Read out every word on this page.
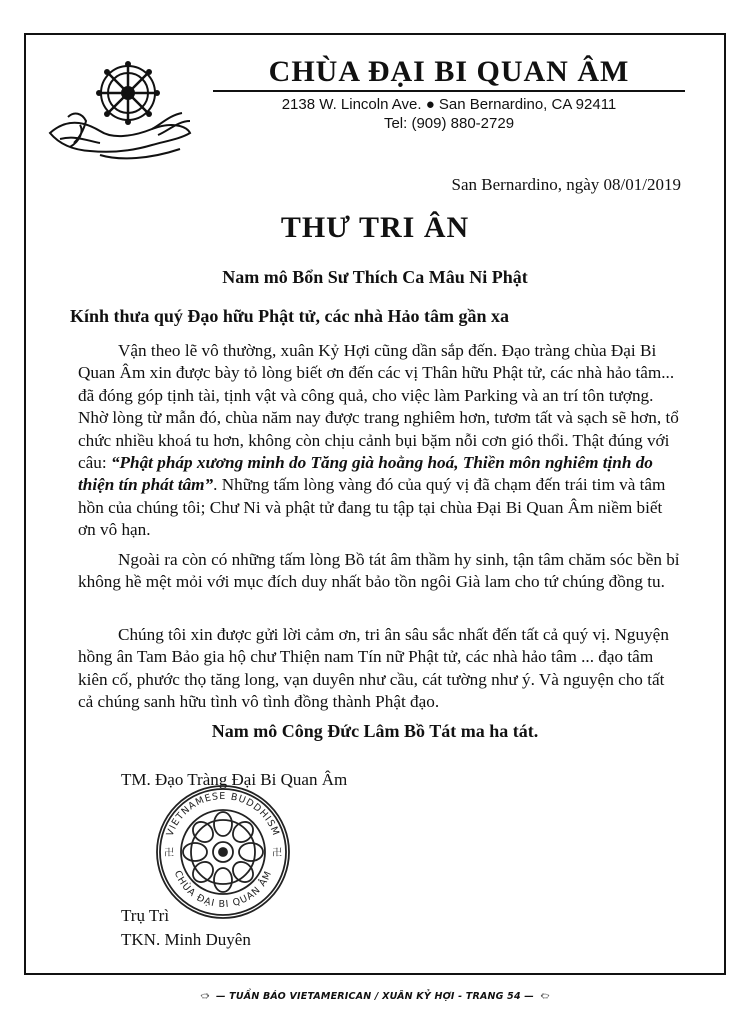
CHÙA ĐẠI BI QUAN ÂM
2138 W. Lincoln Ave. ● San Bernardino, CA 92411
Tel: (909) 880-2729
San Bernardino, ngày 08/01/2019
THƯ TRI ÂN
Nam mô Bổn Sư Thích Ca Mâu Ni Phật
Kính thưa quý Đạo hữu Phật tử, các nhà Hảo tâm gần xa

Vận theo lẽ vô thường, xuân Kỷ Hợi cũng dần sắp đến. Đạo tràng chùa Đại Bi Quan Âm xin được bày tỏ lòng biết ơn đến các vị Thân hữu Phật tử, các nhà hảo tâm... đã đóng góp tịnh tài, tịnh vật và công quả, cho việc làm Parking và an trí tôn tượng. Nhờ lòng từ mẫn đó, chùa năm nay được trang nghiêm hơn, tươm tất và sạch sẽ hơn, tổ chức nhiều khoá tu hơn, không còn chịu cảnh bụi bặm nỗi cơn gió thổi. Thật đúng với câu: “Phật pháp xương minh do Tăng già hoằng hoá, Thiền môn nghiêm tịnh do thiện tín phát tâm”. Những tấm lòng vàng đó của quý vị đã chạm đến trái tim và tâm hồn của chúng tôi; Chư Ni và phật tử đang tu tập tại chùa Đại Bi Quan Âm niềm biết ơn vô hạn.

Ngoài ra còn có những tấm lòng Bồ tát âm thầm hy sinh, tận tâm chăm sóc bền bỉ không hề mệt mỏi với mục đích duy nhất bảo tồn ngôi Già lam cho tứ chúng đồng tu.

Chúng tôi xin được gửi lời cảm ơn, tri ân sâu sắc nhất đến tất cả quý vị. Nguyện hồng ân Tam Bảo gia hộ chư Thiện nam Tín nữ Phật tử, các nhà hảo tâm ... đạo tâm kiên cố, phước thọ tăng long, vạn duyên như cầu, cát tường như ý. Và nguyện cho tất cả chúng sanh hữu tình vô tình đồng thành Phật đạo.

Nam mô Công Đức Lâm Bồ Tát ma ha tát.
TM. Đạo Tràng Đại Bi Quan Âm
VIETNAMESE BUDDHISM
CHÙA ĐẠI BI QUAN ÂM
卍	卍
Trụ Trì
TKN. Minh Duyên
— TUẦN BÁO VIETAMERICAN / XUÂN KỶ HỢI - TRANG 54 —
